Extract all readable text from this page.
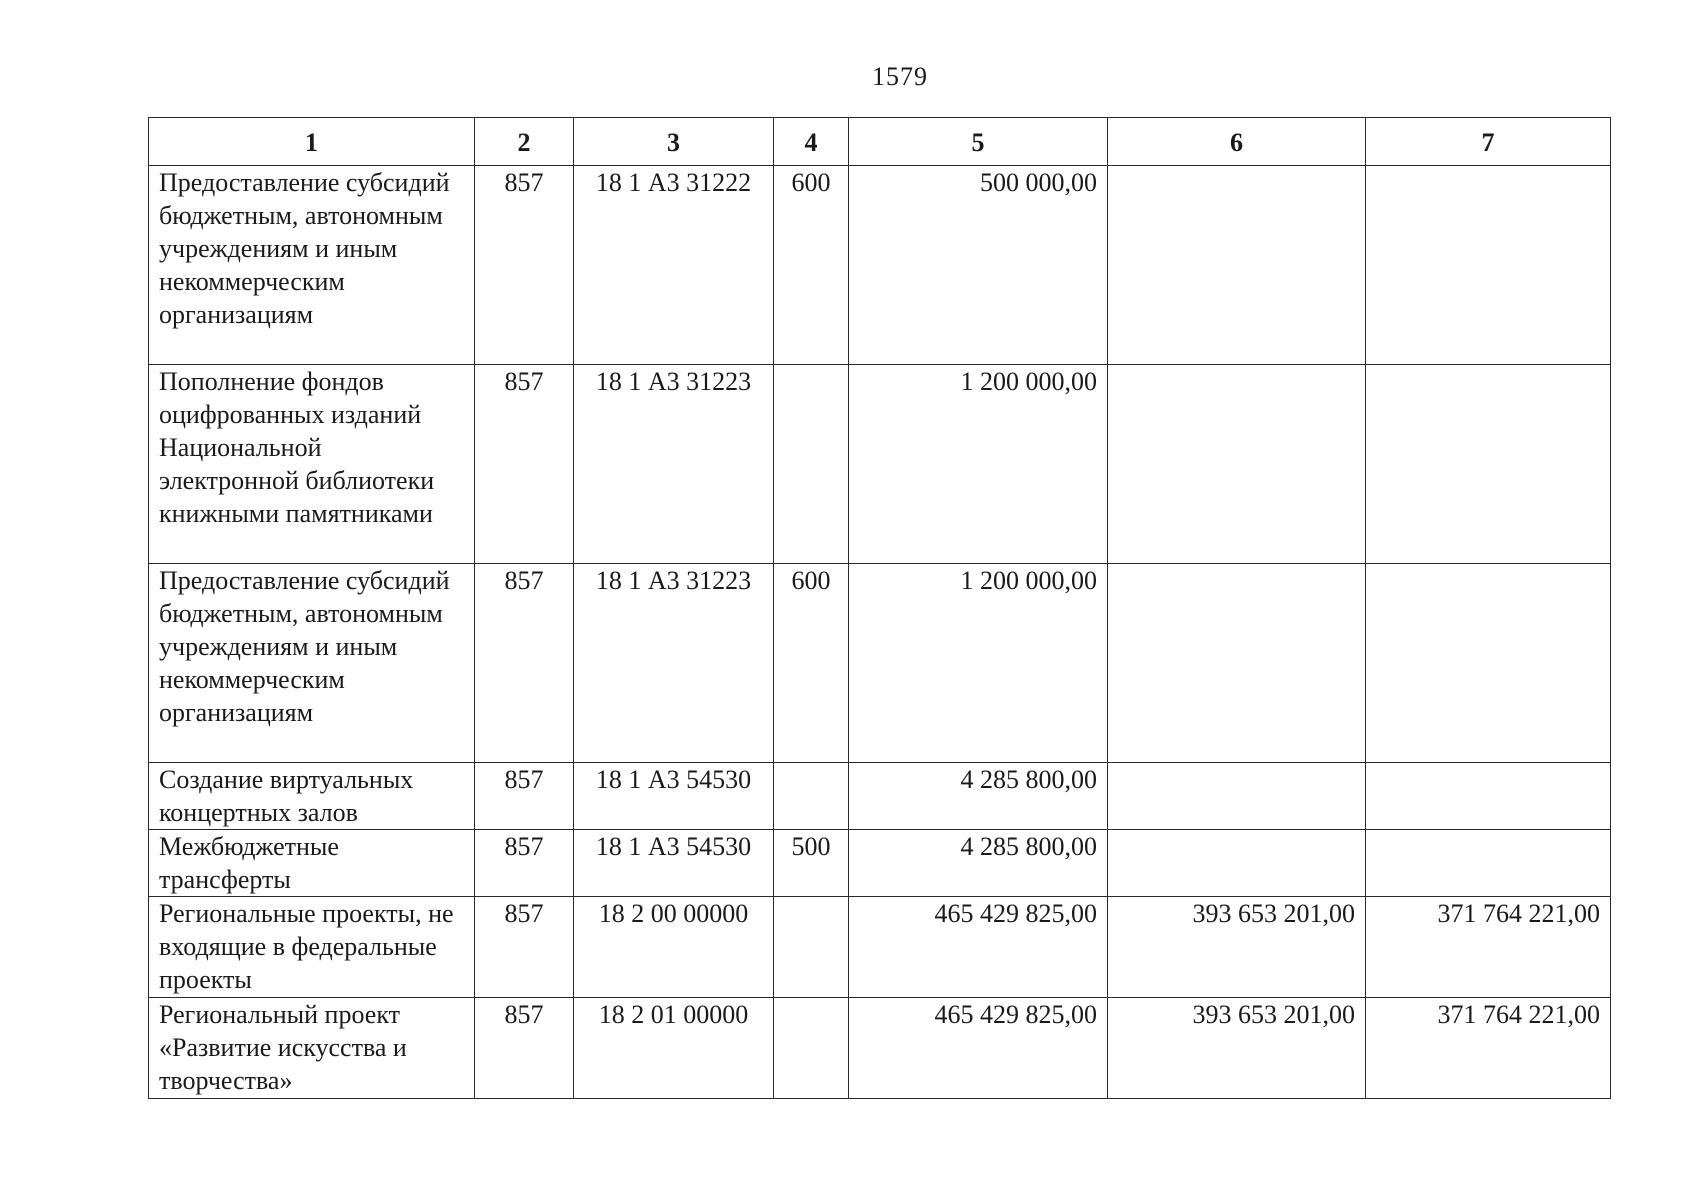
1579
1	2	3	4	5	6	7
Предоставление субсидий бюджетным, автономным учреждениям и иным некоммерческим организациям	857	18 1 А3 31222	600	500 000,00		
Пополнение фондов оцифрованных изданий Национальной электронной библиотеки книжными памятниками	857	18 1 А3 31223		1 200 000,00		
Предоставление субсидий бюджетным, автономным учреждениям и иным некоммерческим организациям	857	18 1 А3 31223	600	1 200 000,00		
Создание виртуальных концертных залов	857	18 1 А3 54530		4 285 800,00		
Межбюджетные трансферты	857	18 1 А3 54530	500	4 285 800,00		
Региональные проекты, не входящие в федеральные проекты	857	18 2 00 00000		465 429 825,00	393 653 201,00	371 764 221,00
Региональный проект «Развитие искусства и творчества»	857	18 2 01 00000		465 429 825,00	393 653 201,00	371 764 221,00
